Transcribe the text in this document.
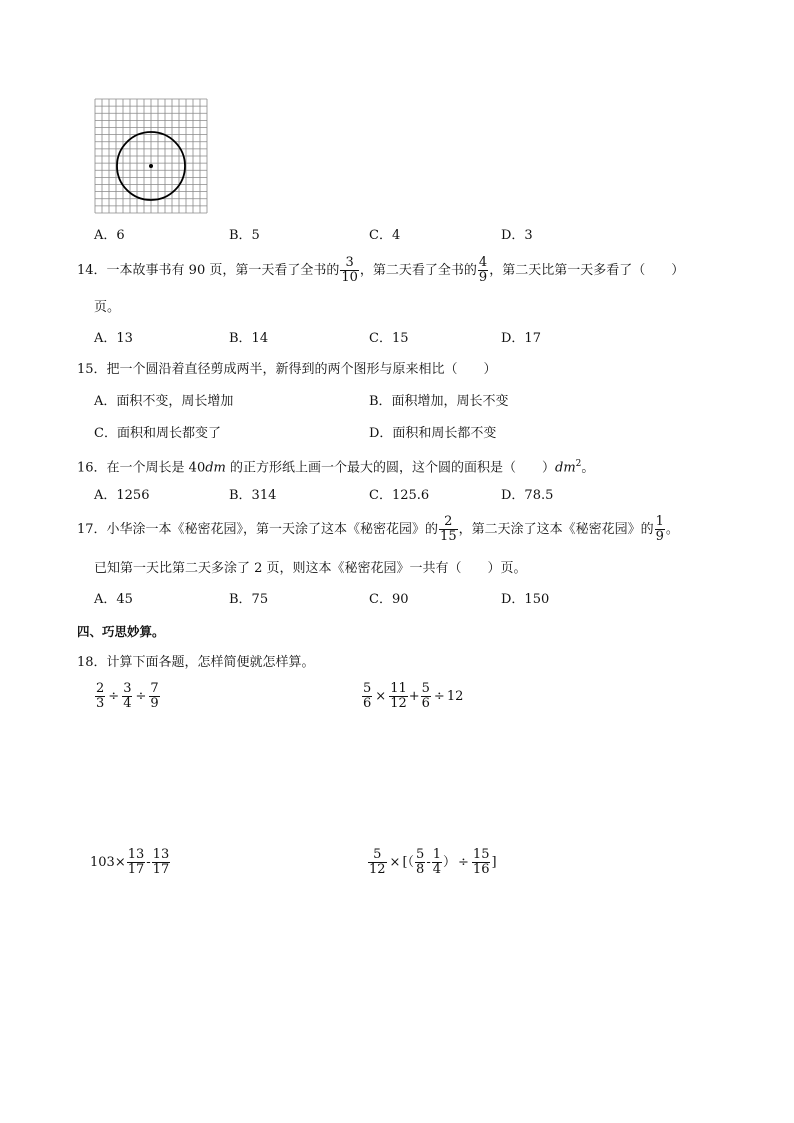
A．6	B．5	C．4	D．3
14．一本故事书有 90 页，第一天看了全书的 $\frac{3}{10}$ ，第二天看了全书的 $\frac{4}{9}$ ，第二天比第一天多看了（　　）
页。
A．13	B．14	C．15	D．17
15．把一个圆沿着直径剪成两半，新得到的两个图形与原来相比（　　）
A．面积不变，周长增加	B．面积增加，周长不变
C．面积和周长都变了	D．面积和周长都不变
16．在一个周长是 40dm 的正方形纸上画一个最大的圆，这个圆的面积是（　　）$dm^2$。
A．1256	B．314	C．125.6	D．78.5
17．小华涂一本《秘密花园》，第一天涂了这本《秘密花园》的 $\frac{2}{15}$ ，第二天涂了这本《秘密花园》的 $\frac{1}{9}$ 。
已知第一天比第二天多涂了 2 页，则这本《秘密花园》一共有（　　）页。
A．45	B．75	C．90	D．150
四、巧思妙算。
18．计算下面各题，怎样简便就怎样算。
$\frac{2}{3} \div \frac{3}{4} \div \frac{7}{9}$	$\frac{5}{6} \times \frac{11}{12} + \frac{5}{6} \div 12$
$103\times \frac{13}{17} - \frac{13}{17}$	$\frac{5}{12}$ × [（ $\frac{5}{8} - \frac{1}{4}$ ） ÷ $\frac{15}{16}$ ]
